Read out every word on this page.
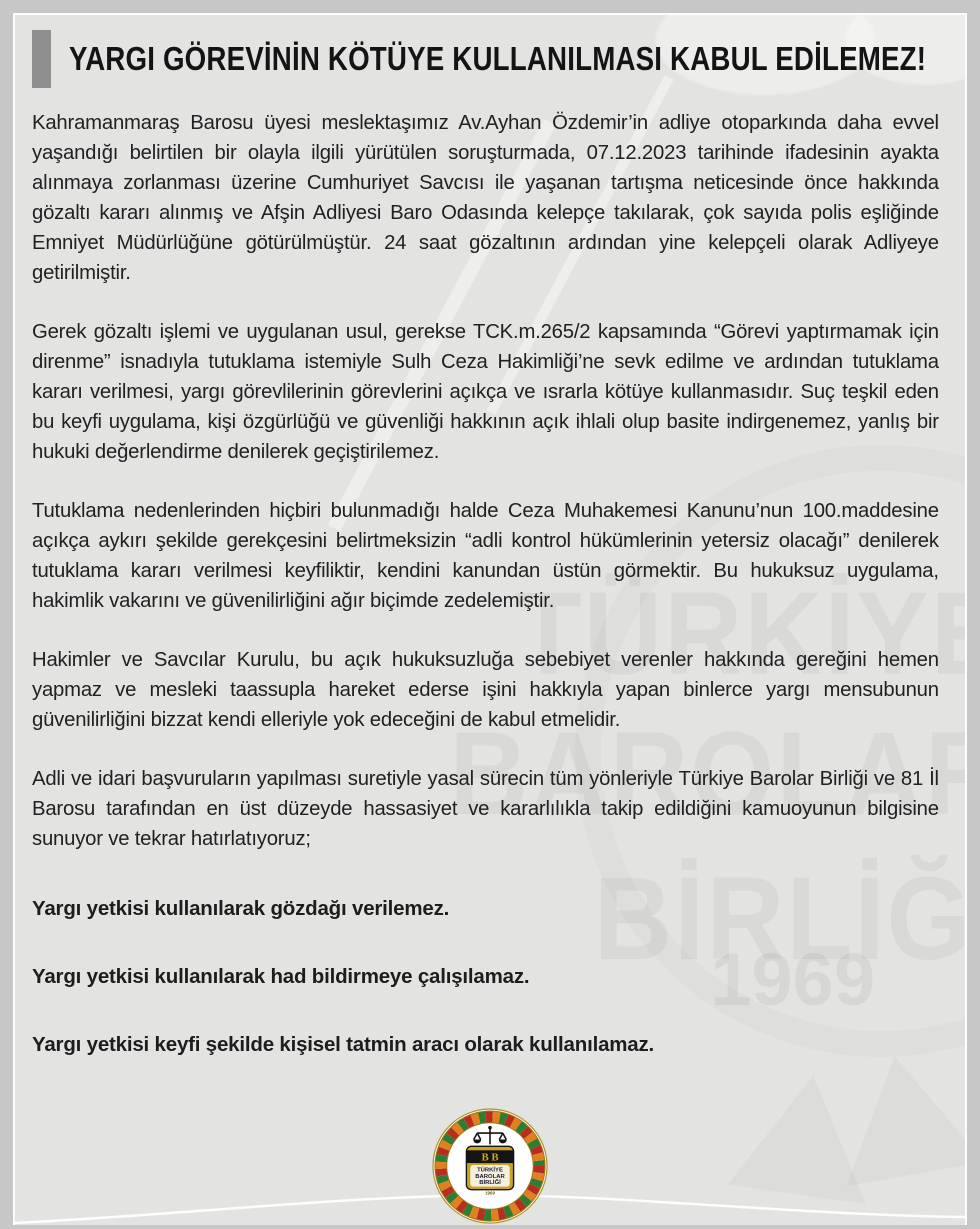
1969
YARGI GÖREVİNİN KÖTÜYE KULLANILMASI KABUL EDİLEMEZ!

Kahramanmaraş Barosu üyesi meslektaşımız Av.Ayhan Özdemir’in adliye otoparkında daha evvel yaşandığı belirtilen bir olayla ilgili yürütülen soruşturmada, 07.12.2023 tarihinde ifadesinin ayakta alınmaya zorlanması üzerine Cumhuriyet Savcısı ile yaşanan tartışma neticesinde önce hakkında gözaltı kararı alınmış ve Afşin Adliyesi Baro Odasında kelepçe takılarak, çok sayıda polis eşliğinde Emniyet Müdürlüğüne götürülmüştür. 24 saat gözaltının ardından yine kelepçeli olarak Adliyeye getirilmiştir.

Gerek gözaltı işlemi ve uygulanan usul, gerekse TCK.m.265/2 kapsamında “Görevi yaptırmamak için direnme” isnadıyla tutuklama istemiyle Sulh Ceza Hakimliği’ne sevk edilme ve ardından tutuklama kararı verilmesi, yargı görevlilerinin görevlerini açıkça ve ısrarla kötüye kullanmasıdır. Suç teşkil eden bu keyfi uygulama, kişi özgürlüğü ve güvenliği hakkının açık ihlali olup basite indirgenemez, yanlış bir hukuki değerlendirme denilerek geçiştirilemez.

Tutuklama nedenlerinden hiçbiri bulunmadığı halde Ceza Muhakemesi Kanunu’nun 100.maddesine açıkça aykırı şekilde gerekçesini belirtmeksizin “adli kontrol hükümlerinin yetersiz olacağı” denilerek tutuklama kararı verilmesi keyfiliktir, kendini kanundan üstün görmektir. Bu hukuksuz uygulama, hakimlik vakarını ve güvenilirliğini ağır biçimde zedelemiştir.

Hakimler ve Savcılar Kurulu, bu açık hukuksuzluğa sebebiyet verenler hakkında gereğini hemen yapmaz ve mesleki taassupla hareket ederse işini hakkıyla yapan binlerce yargı mensubunun güvenilirliğini bizzat kendi elleriyle yok edeceğini de kabul etmelidir.

Adli ve idari başvuruların yapılması suretiyle yasal sürecin tüm yönleriyle Türkiye Barolar Birliği ve 81 İl Barosu tarafından en üst düzeyde hassasiyet ve kararlılıkla takip edildiğini kamuoyunun bilgisine sunuyor ve tekrar hatırlatıyoruz;

Yargı yetkisi kullanılarak gözdağı verilemez.

Yargı yetkisi kullanılarak had bildirmeye çalışılamaz.

Yargı yetkisi keyfi şekilde kişisel tatmin aracı olarak kullanılamaz.

B B
TÜRKİYE
BAROLAR
BİRLİĞİ
1969
